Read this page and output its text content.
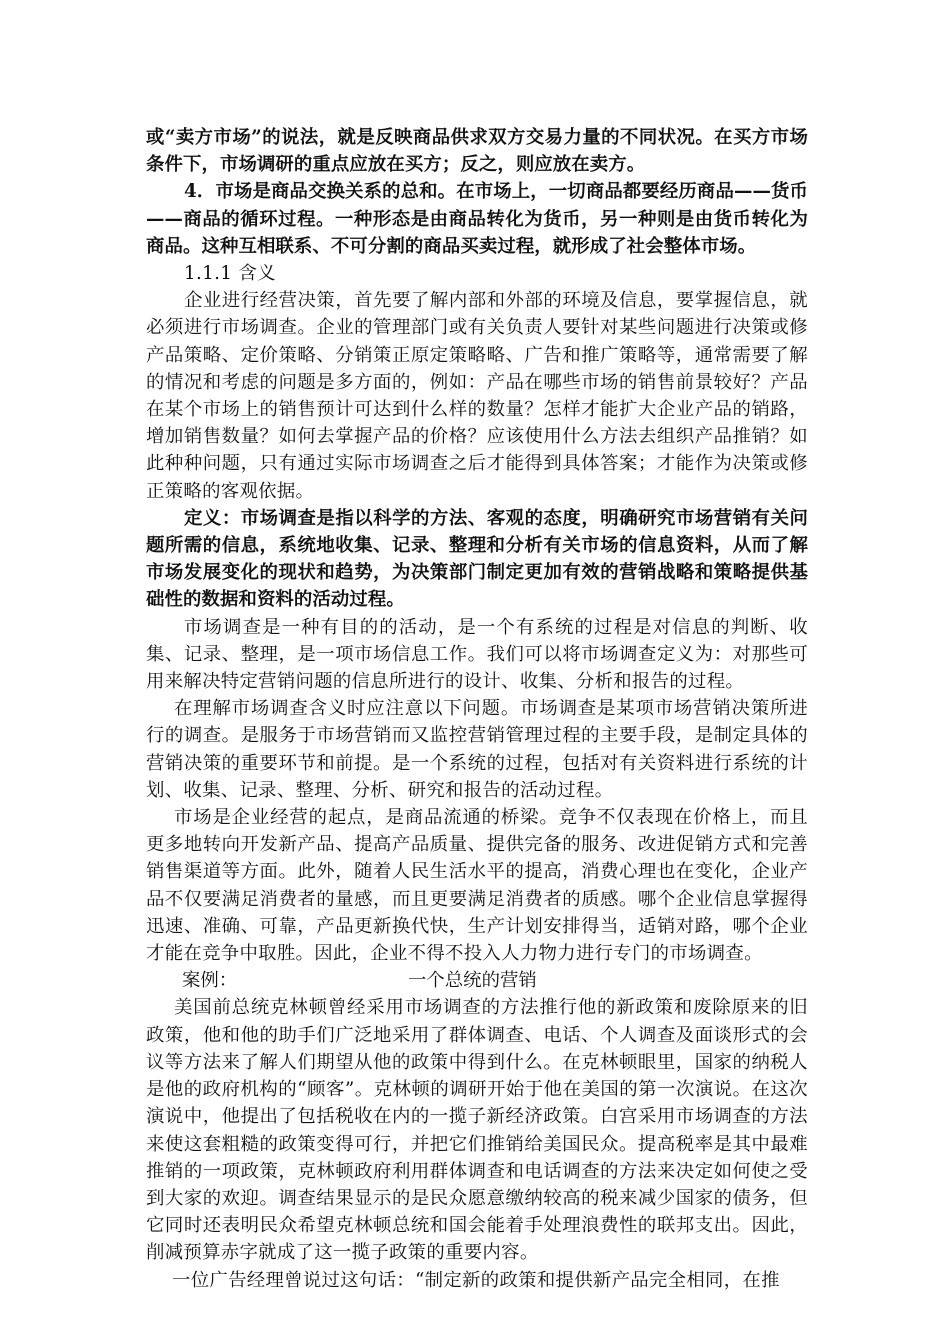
或“卖方市场”的说法，就是反映商品供求双方交易力量的不同状况。在买方市场条件下，市场调研的重点应放在买方；反之，则应放在卖方。

4．市场是商品交换关系的总和。在市场上，一切商品都要经历商品——货币——商品的循环过程。一种形态是由商品转化为货币，另一种则是由货币转化为商品。这种互相联系、不可分割的商品买卖过程，就形成了社会整体市场。

1.1.1 含义

企业进行经营决策，首先要了解内部和外部的环境及信息，要掌握信息，就必须进行市场调查。企业的管理部门或有关负责人要针对某些问题进行决策或修产品策略、定价策略、分销策正原定策略略、广告和推广策略等，通常需要了解的情况和考虑的问题是多方面的，例如：产品在哪些市场的销售前景较好？产品在某个市场上的销售预计可达到什么样的数量？怎样才能扩大企业产品的销路，增加销售数量？如何去掌握产品的价格？应该使用什么方法去组织产品推销？如此种种问题，只有通过实际市场调查之后才能得到具体答案；才能作为决策或修正策略的客观依据。

定义：市场调查是指以科学的方法、客观的态度，明确研究市场营销有关问题所需的信息，系统地收集、记录、整理和分析有关市场的信息资料，从而了解市场发展变化的现状和趋势，为决策部门制定更加有效的营销战略和策略提供基础性的数据和资料的活动过程。

市场调查是一种有目的的活动，是一个有系统的过程是对信息的判断、收集、记录、整理，是一项市场信息工作。我们可以将市场调查定义为：对那些可用来解决特定营销问题的信息所进行的设计、收集、分析和报告的过程。

在理解市场调查含义时应注意以下问题。市场调查是某项市场营销决策所进行的调查。是服务于市场营销而又监控营销管理过程的主要手段，是制定具体的营销决策的重要环节和前提。是一个系统的过程，包括对有关资料进行系统的计划、收集、记录、整理、分析、研究和报告的活动过程。

市场是企业经营的起点，是商品流通的桥梁。竞争不仅表现在价格上，而且更多地转向开发新产品、提高产品质量、提供完备的服务、改进促销方式和完善销售渠道等方面。此外，随着人民生活水平的提高，消费心理也在变化，企业产品不仅要满足消费者的量感，而且更要满足消费者的质感。哪个企业信息掌握得迅速、准确、可靠，产品更新换代快，生产计划安排得当，适销对路，哪个企业才能在竞争中取胜。因此，企业不得不投入人力物力进行专门的市场调查。

案例：	一个总统的营销

美国前总统克林顿曾经采用市场调查的方法推行他的新政策和废除原来的旧政策，他和他的助手们广泛地采用了群体调查、电话、个人调查及面谈形式的会议等方法来了解人们期望从他的政策中得到什么。在克林顿眼里，国家的纳税人是他的政府机构的“顾客”。克林顿的调研开始于他在美国的第一次演说。在这次演说中，他提出了包括税收在内的一揽子新经济政策。白宫采用市场调查的方法来使这套粗糙的政策变得可行，并把它们推销给美国民众。提高税率是其中最难推销的一项政策，克林顿政府利用群体调查和电话调查的方法来决定如何使之受到大家的欢迎。调查结果显示的是民众愿意缴纳较高的税来减少国家的债务，但它同时还表明民众希望克林顿总统和国会能着手处理浪费性的联邦支出。因此，削减预算赤字就成了这一揽子政策的重要内容。

一位广告经理曾说过这句话：“制定新的政策和提供新产品完全相同，在推
